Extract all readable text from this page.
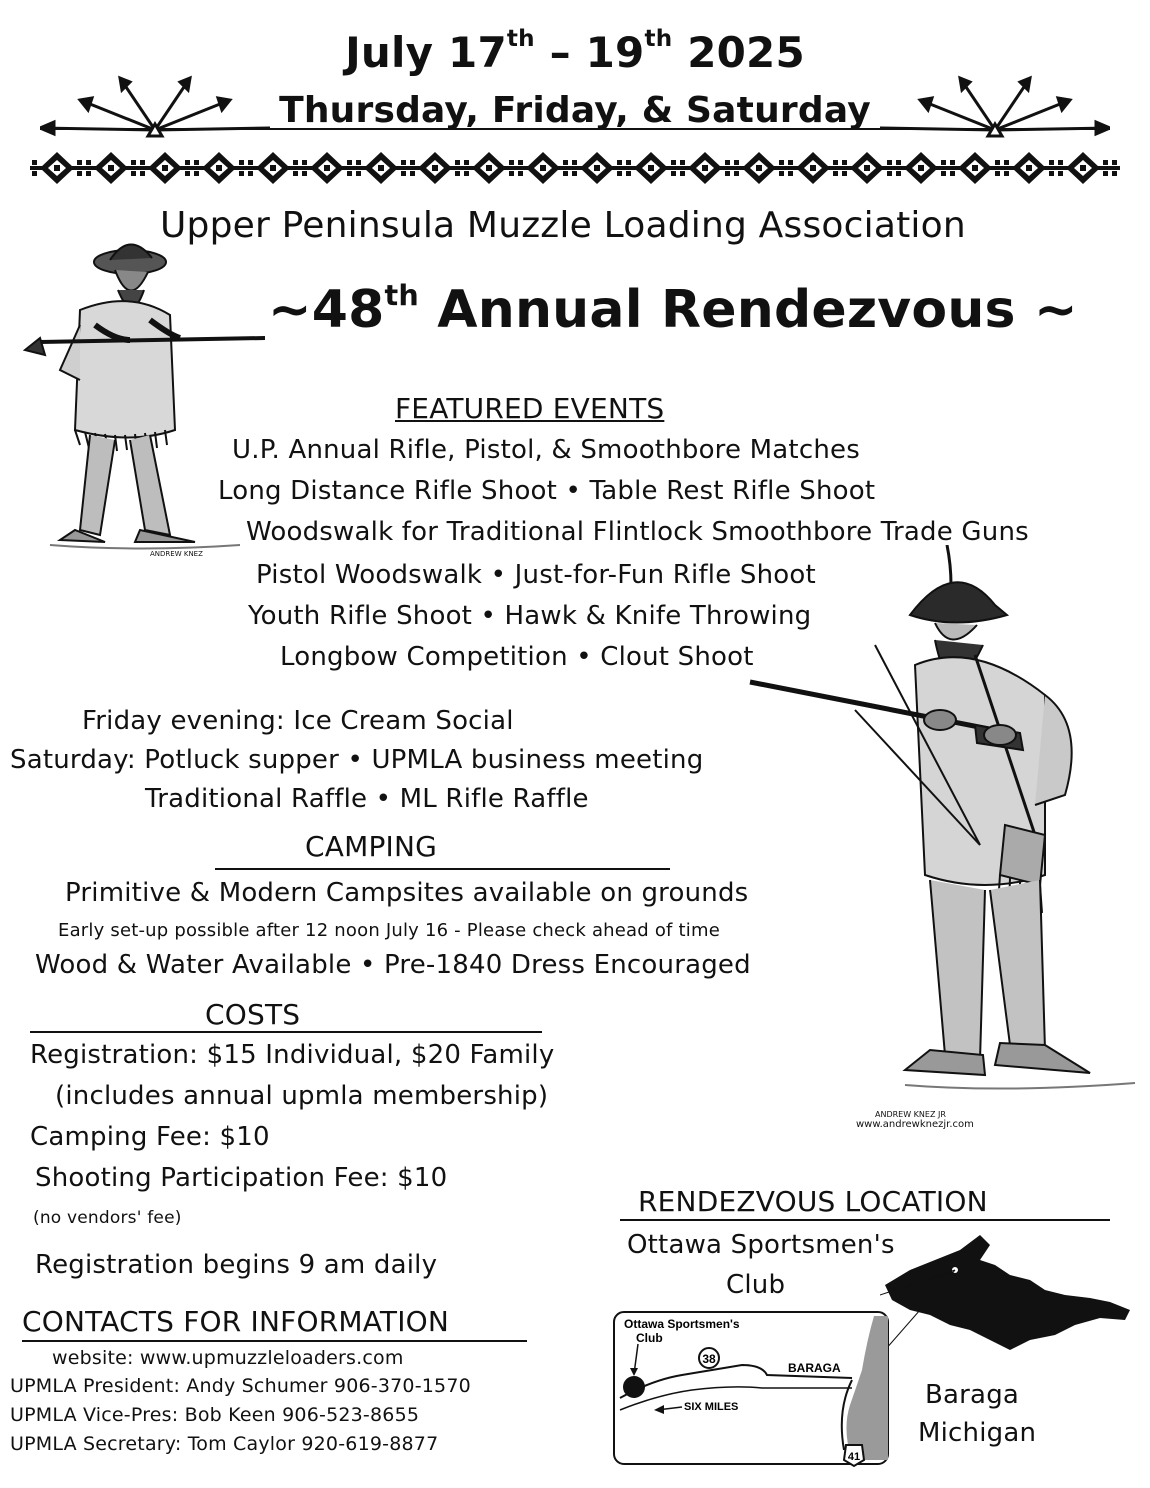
July 17th – 19th 2025
Thursday, Friday, & Saturday
Upper Peninsula Muzzle Loading Association
~48th Annual Rendezvous ~
ANDREW KNEZ
FEATURED EVENTS
U.P. Annual Rifle, Pistol, & Smoothbore Matches
Long Distance Rifle Shoot • Table Rest Rifle Shoot
Woodswalk for Traditional Flintlock Smoothbore Trade Guns
Pistol Woodswalk • Just-for-Fun Rifle Shoot
Youth Rifle Shoot • Hawk & Knife Throwing
Longbow Competition • Clout Shoot
ANDREW KNEZ JR
www.andrewknezjr.com
Friday evening: Ice Cream Social
Saturday: Potluck supper • UPMLA business meeting
Traditional Raffle • ML Rifle Raffle
CAMPING
Primitive & Modern Campsites available on grounds
Early set-up possible after 12 noon July 16 - Please check ahead of time
Wood & Water Available • Pre-1840 Dress Encouraged
COSTS
Registration: $15 Individual, $20 Family
(includes annual upmla membership)
Camping Fee: $10
Shooting Participation Fee: $10
(no vendors' fee)
Registration begins 9 am daily
CONTACTS FOR INFORMATION
website: www.upmuzzleloaders.com
UPMLA President: Andy Schumer 906-370-1570
UPMLA Vice-Pres: Bob Keen 906-523-8655
UPMLA Secretary: Tom Caylor 920-619-8877
RENDEZVOUS LOCATION
Ottawa Sportsmen's
Club
Baraga
Michigan
38
41
Ottawa Sportsmen's
Club
BARAGA
SIX MILES
